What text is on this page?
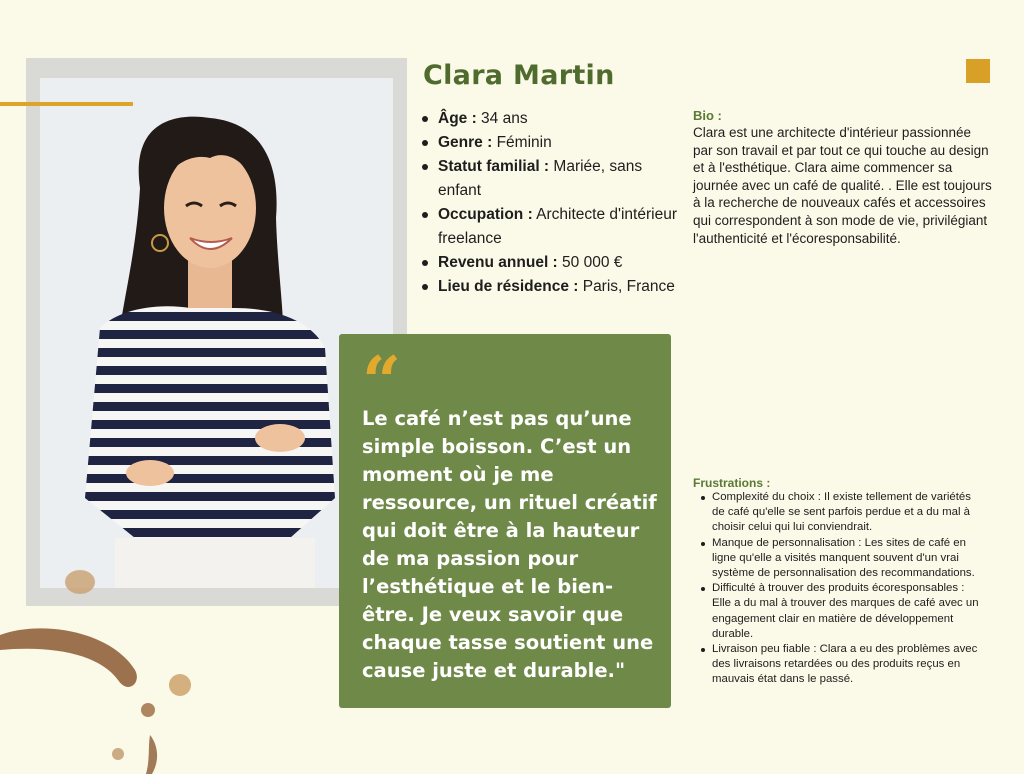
Clara Martin
Âge : 34 ans
Genre : Féminin
Statut familial : Mariée, sans enfant
Occupation : Architecte d'intérieur freelance
Revenu annuel : 50 000 €
Lieu de résidence : Paris, France
Bio :
Clara est une architecte d'intérieur passionnée par son travail et par tout ce qui touche au design et à l'esthétique. Clara aime commencer sa journée avec un café de qualité. . Elle est toujours à la recherche de nouveaux cafés et accessoires qui correspondent à son mode de vie, privilégiant l'authenticité et l'écoresponsabilité.
“
Le café n’est pas qu’une simple boisson. C’est un moment où je me ressource, un rituel créatif qui doit être à la hauteur de ma passion pour l’esthétique et le bien-être. Je veux savoir que chaque tasse soutient une cause juste et durable."
Frustrations :
Complexité du choix : Il existe tellement de variétés de café qu'elle se sent parfois perdue et a du mal à choisir celui qui lui conviendrait.
Manque de personnalisation : Les sites de café en ligne qu'elle a visités manquent souvent d'un vrai système de personnalisation des recommandations.
Difficulté à trouver des produits écoresponsables : Elle a du mal à trouver des marques de café avec un engagement clair en matière de développement durable.
Livraison peu fiable : Clara a eu des problèmes avec des livraisons retardées ou des produits reçus en mauvais état dans le passé.
